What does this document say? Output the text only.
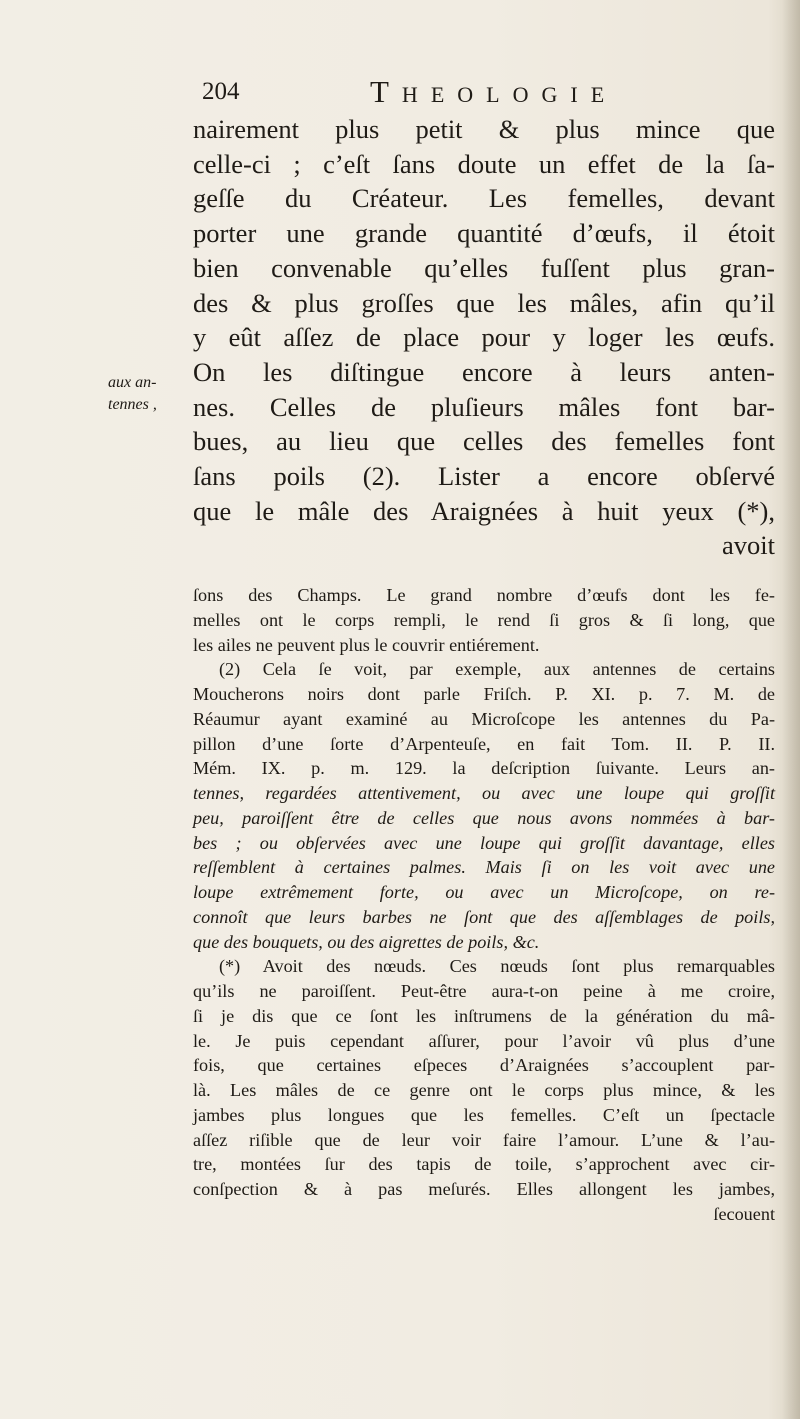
204	Theologie
aux an-
tennes ,
nairement plus petit & plus mince que
celle-ci ; c’eſt ſans doute un effet de la ſa-
geſſe du Créateur. Les femelles, devant
porter une grande quantité d’œufs, il étoit
bien convenable qu’elles fuſſent plus gran-
des & plus groſſes que les mâles, afin qu’il
y eût aſſez de place pour y loger les œufs.
On les diſtingue encore à leurs anten-
nes. Celles de pluſieurs mâles font bar-
bues, au lieu que celles des femelles font
ſans poils (2). Lister a encore obſervé
que le mâle des Araignées à huit yeux (*),
avoit
ſons des Champs. Le grand nombre d’œufs dont les fe-
melles ont le corps rempli, le rend ſi gros & ſi long, que
les ailes ne peuvent plus le couvrir entiérement.
(2) Cela ſe voit, par exemple, aux antennes de certains
Moucherons noirs dont parle Friſch. P. XI. p. 7. M. de
Réaumur ayant examiné au Microſcope les antennes du Pa-
pillon d’une ſorte d’Arpenteuſe, en fait Tom. II. P. II.
Mém. IX. p. m. 129. la deſcription ſuivante. Leurs an-
tennes, regardées attentivement, ou avec une loupe qui groſſit
peu, paroiſſent être de celles que nous avons nommées à bar-
bes ; ou obſervées avec une loupe qui groſſit davantage, elles
reſſemblent à certaines palmes. Mais ſi on les voit avec une
loupe extrêmement forte, ou avec un Microſcope, on re-
connoît que leurs barbes ne ſont que des aſſemblages de poils,
que des bouquets, ou des aigrettes de poils, &c.
(*) Avoit des nœuds. Ces nœuds ſont plus remarquables
qu’ils ne paroiſſent. Peut-être aura-t-on peine à me croire,
ſi je dis que ce ſont les inſtrumens de la génération du mâ-
le. Je puis cependant aſſurer, pour l’avoir vû plus d’une
fois, que certaines eſpeces d’Araignées s’accouplent par-
là. Les mâles de ce genre ont le corps plus mince, & les
jambes plus longues que les femelles. C’eſt un ſpectacle
aſſez riſible que de leur voir faire l’amour. L’une & l’au-
tre, montées ſur des tapis de toile, s’approchent avec cir-
conſpection & à pas meſurés. Elles allongent les jambes,
ſecouent
